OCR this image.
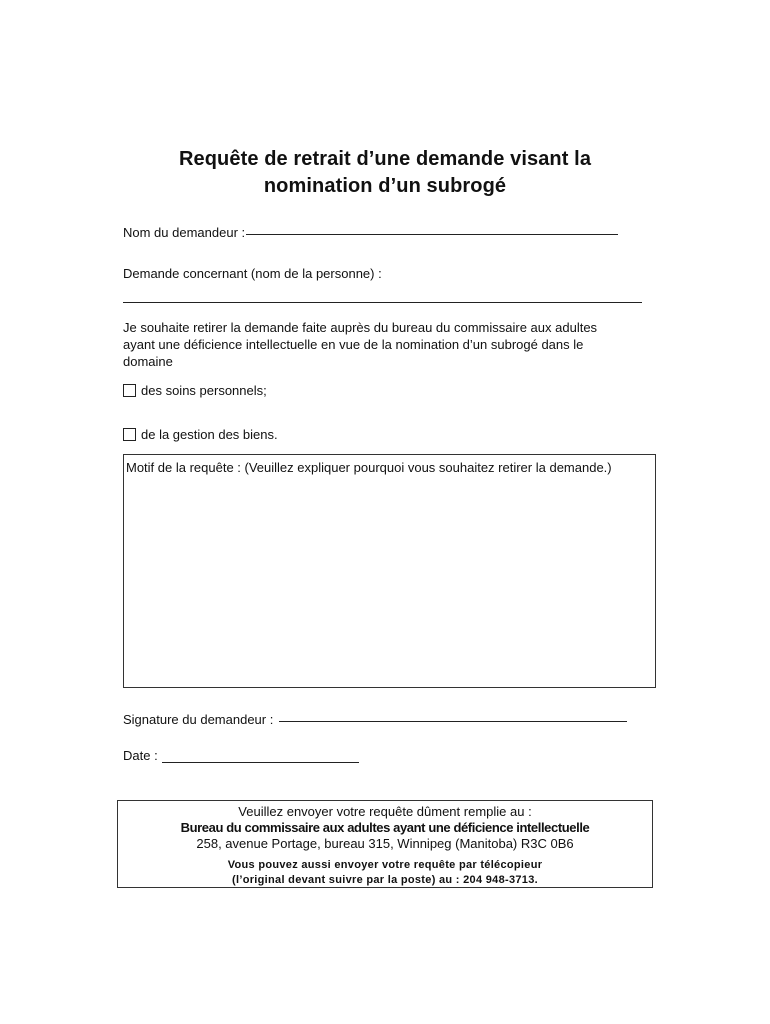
Requête de retrait d’une demande visant la
nomination d’un subrogé
Nom du demandeur :
Demande concernant (nom de la personne) :
Je souhaite retirer la demande faite auprès du bureau du commissaire aux adultes
ayant une déficience intellectuelle en vue de la nomination d’un subrogé dans le
domaine
des soins personnels;
de la gestion des biens.
Motif de la requête : (Veuillez expliquer pourquoi vous souhaitez retirer la demande.)
Signature du demandeur :
Date :
Veuillez envoyer votre requête dûment remplie au :
Bureau du commissaire aux adultes ayant une déficience intellectuelle
258, avenue Portage, bureau 315, Winnipeg (Manitoba) R3C 0B6
Vous pouvez aussi envoyer votre requête par télécopieur
(l’original devant suivre par la poste) au : 204 948-3713.
